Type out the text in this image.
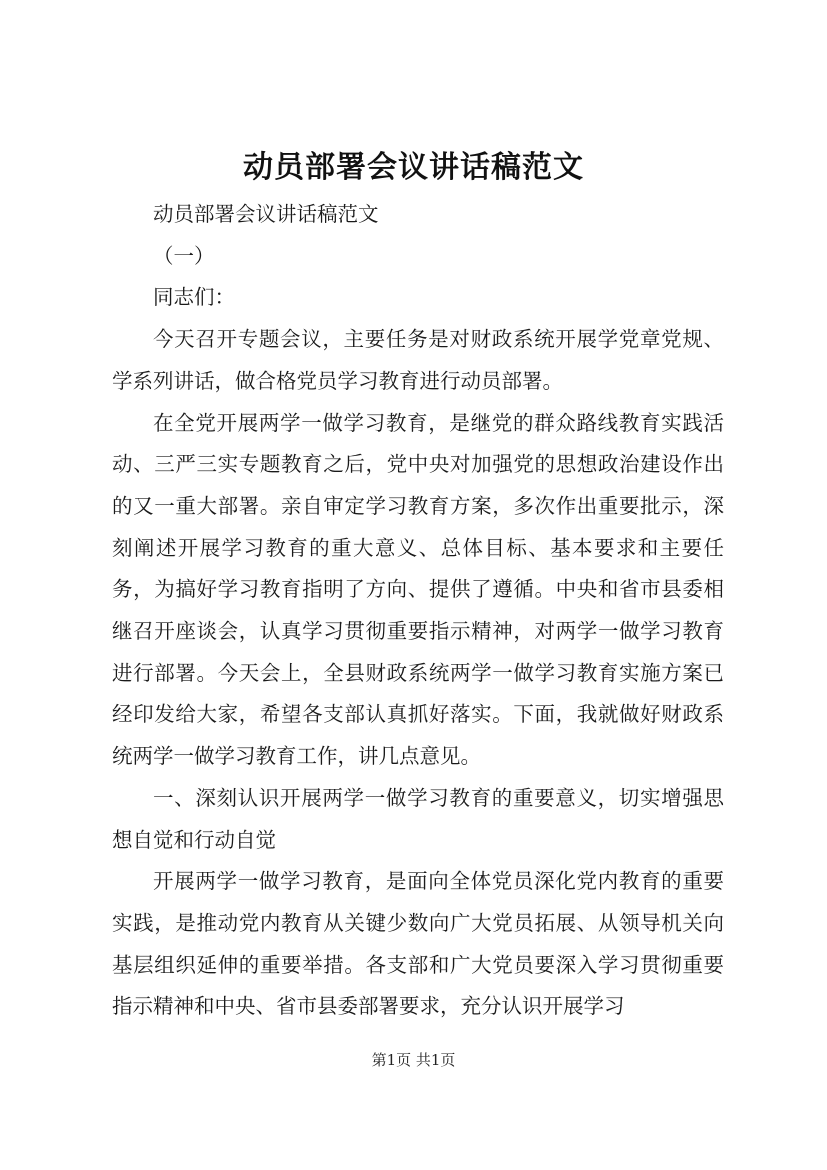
动员部署会议讲话稿范文

动员部署会议讲话稿范文

（一）

同志们：

今天召开专题会议，主要任务是对财政系统开展学党章党规、学系列讲话，做合格党员学习教育进行动员部署。

在全党开展两学一做学习教育，是继党的群众路线教育实践活动、三严三实专题教育之后，党中央对加强党的思想政治建设作出的又一重大部署。亲自审定学习教育方案，多次作出重要批示，深刻阐述开展学习教育的重大意义、总体目标、基本要求和主要任务，为搞好学习教育指明了方向、提供了遵循。中央和省市县委相继召开座谈会，认真学习贯彻重要指示精神，对两学一做学习教育进行部署。今天会上，全县财政系统两学一做学习教育实施方案已经印发给大家，希望各支部认真抓好落实。下面，我就做好财政系统两学一做学习教育工作，讲几点意见。

一、深刻认识开展两学一做学习教育的重要意义，切实增强思想自觉和行动自觉

开展两学一做学习教育，是面向全体党员深化党内教育的重要实践，是推动党内教育从关键少数向广大党员拓展、从领导机关向基层组织延伸的重要举措。各支部和广大党员要深入学习贯彻重要指示精神和中央、省市县委部署要求，充分认识开展学习

第1页 共1页
